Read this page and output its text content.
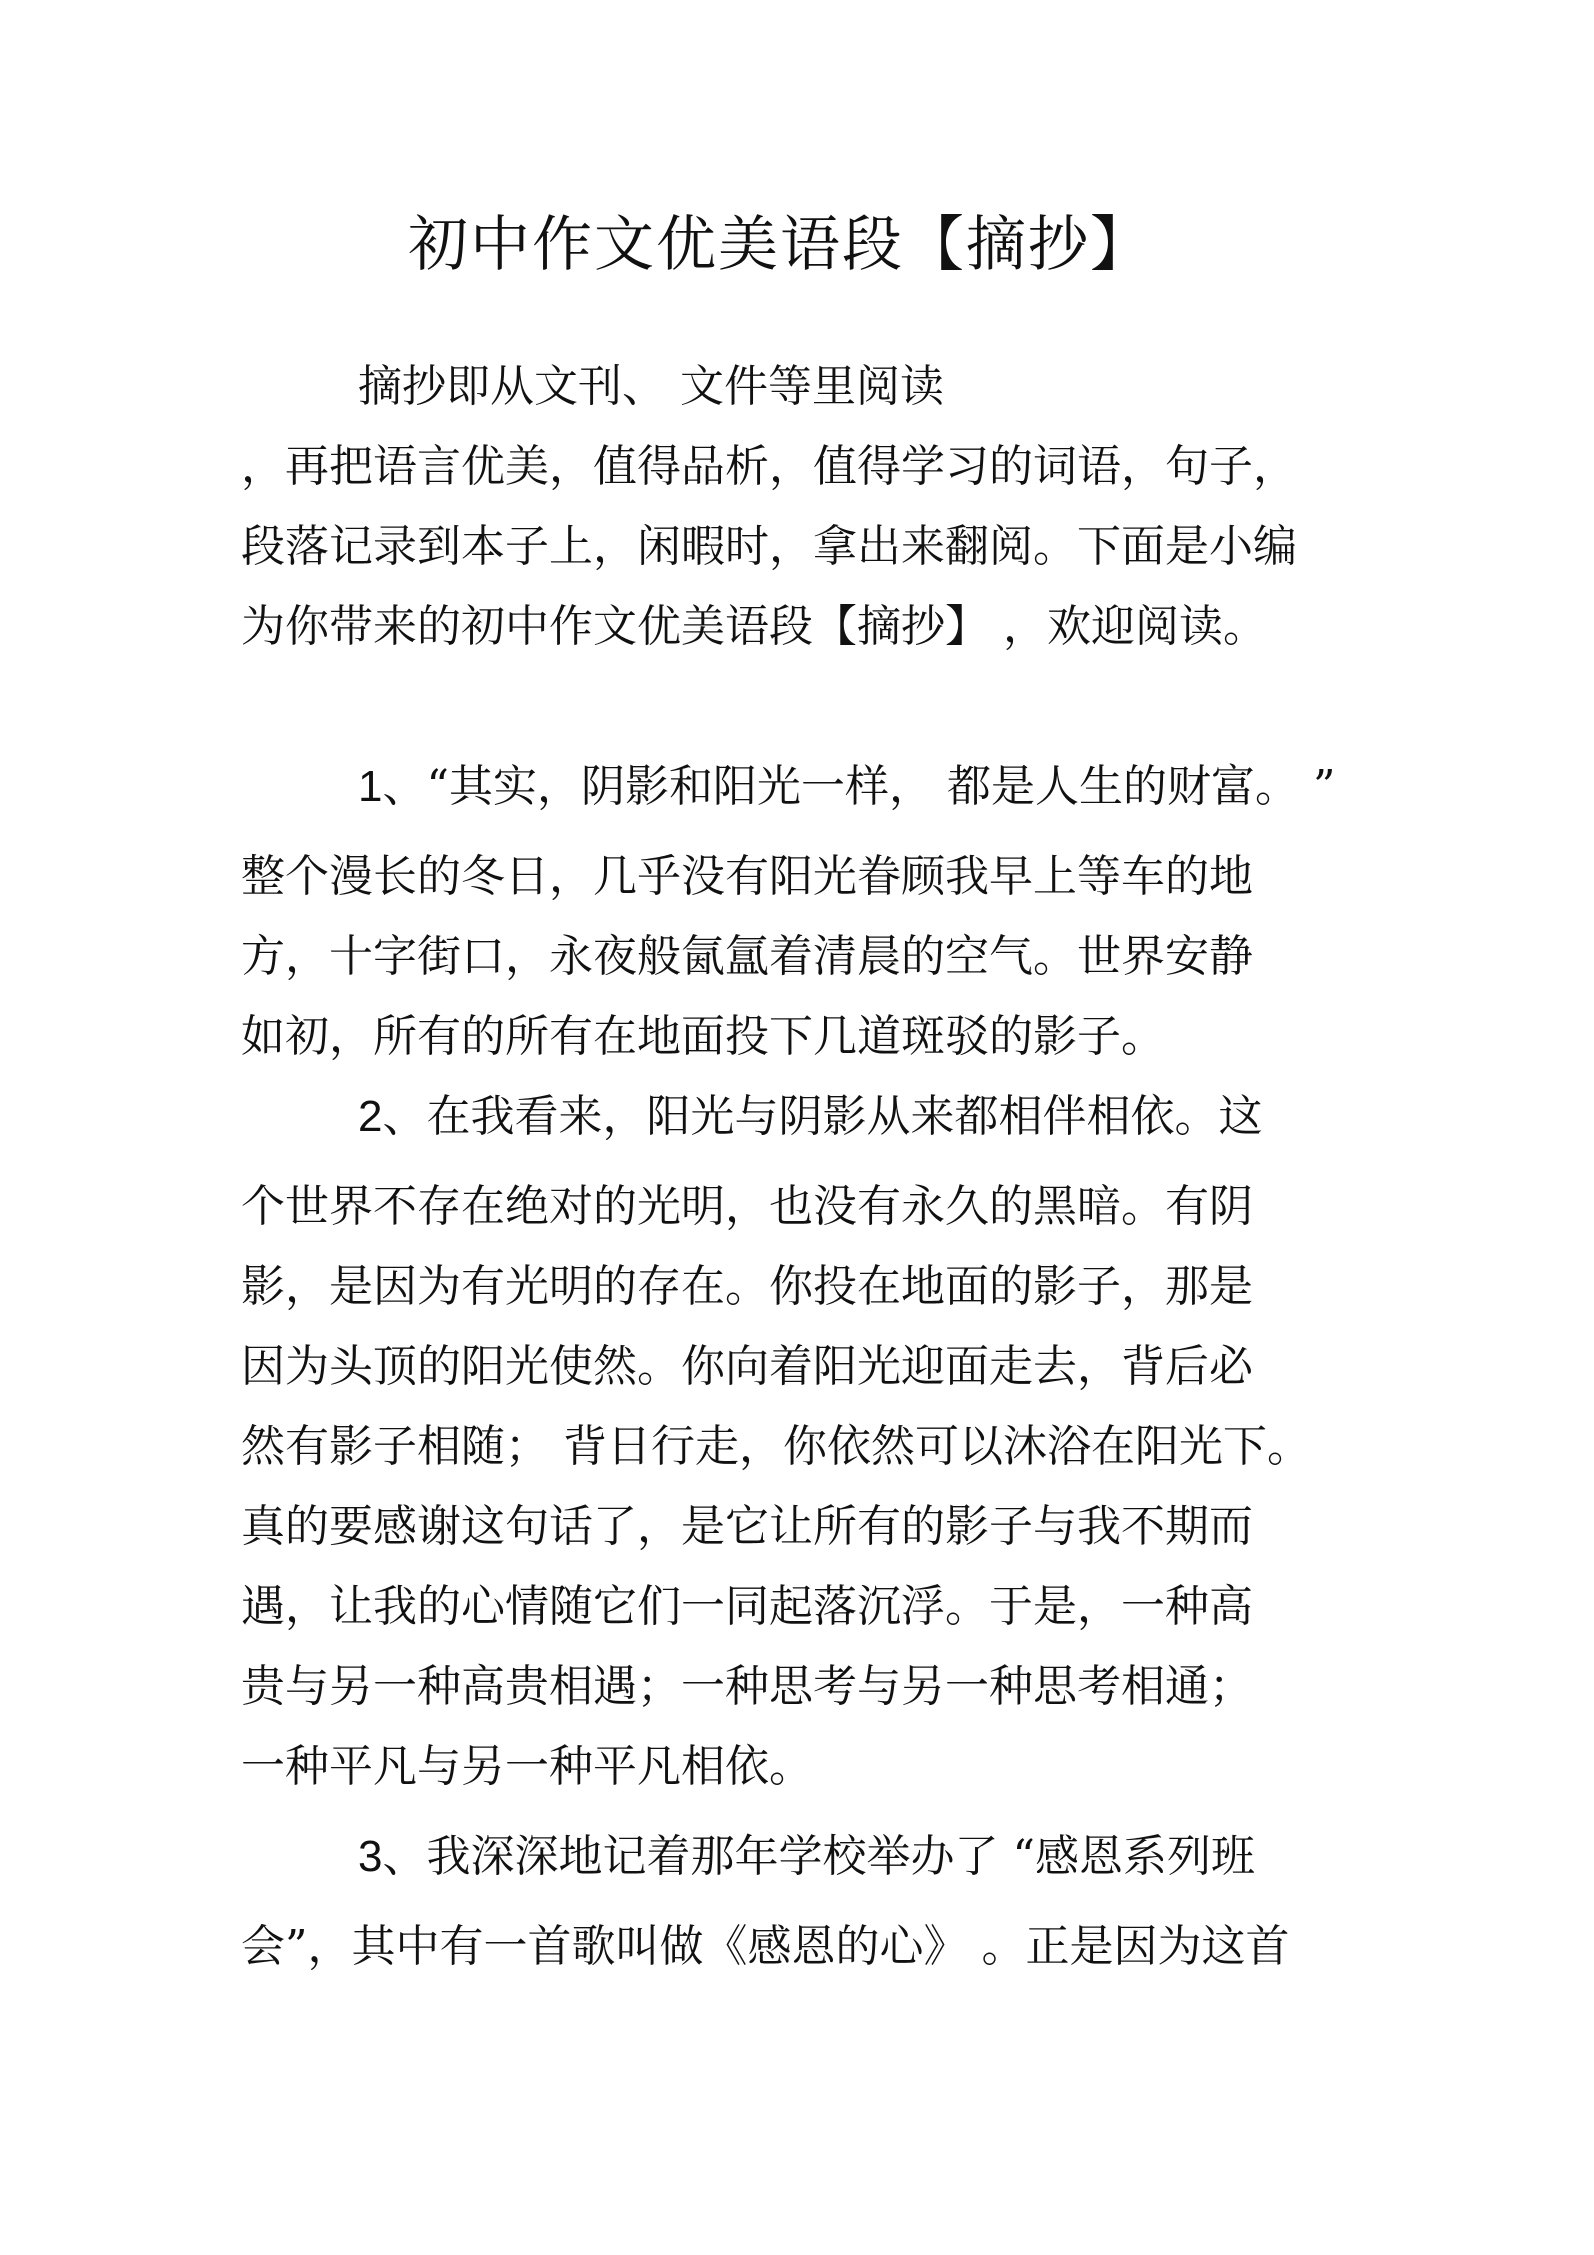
初中作文优美语段【摘抄】
摘抄即从文刊、 文件等里阅读
，再把语言优美，值得品析，值得学习的词语，句子，
段落记录到本子上，闲暇时，拿出来翻阅。下面是小编
为你带来的初中作文优美语段【摘抄】 ，欢迎阅读。
1、“其实，阴影和阳光一样， 都是人生的财富。 ”
整个漫长的冬日，几乎没有阳光眷顾我早上等车的地
方，十字街口，永夜般氤氲着清晨的空气。世界安静
如初，所有的所有在地面投下几道斑驳的影子。
2、在我看来，阳光与阴影从来都相伴相依。这
个世界不存在绝对的光明，也没有永久的黑暗。有阴
影，是因为有光明的存在。你投在地面的影子，那是
因为头顶的阳光使然。你向着阳光迎面走去，背后必
然有影子相随； 背日行走，你依然可以沐浴在阳光下。
真的要感谢这句话了，是它让所有的影子与我不期而
遇，让我的心情随它们一同起落沉浮。于是，一种高
贵与另一种高贵相遇；一种思考与另一种思考相通；
一种平凡与另一种平凡相依。
3、我深深地记着那年学校举办了 “感恩系列班
会”，其中有一首歌叫做《感恩的心》 。正是因为这首
